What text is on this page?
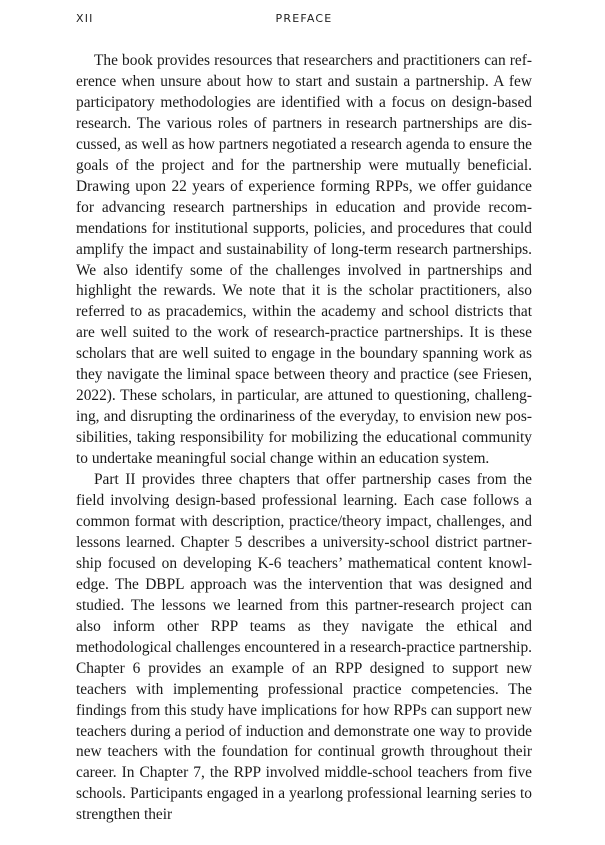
XII	PREFACE

The book provides resources that researchers and practitioners can reference when unsure about how to start and sustain a partnership. A few participatory methodologies are identified with a focus on design-based research. The various roles of partners in research partnerships are discussed, as well as how partners negotiated a research agenda to ensure the goals of the project and for the partnership were mutually beneficial. Drawing upon 22 years of experience forming RPPs, we offer guidance for advancing research partnerships in education and provide recommendations for institutional supports, policies, and procedures that could amplify the impact and sustainability of long-term research partnerships. We also identify some of the challenges involved in partnerships and highlight the rewards. We note that it is the scholar practitioners, also referred to as pracademics, within the academy and school districts that are well suited to the work of research-practice partnerships. It is these scholars that are well suited to engage in the boundary spanning work as they navigate the liminal space between theory and practice (see Friesen, 2022). These scholars, in particular, are attuned to questioning, challenging, and disrupting the ordinariness of the everyday, to envision new possibilities, taking responsibility for mobilizing the educational community to undertake meaningful social change within an education system.

Part II provides three chapters that offer partnership cases from the field involving design-based professional learning. Each case follows a common format with description, practice/theory impact, challenges, and lessons learned. Chapter 5 describes a university-school district partnership focused on developing K-6 teachers’ mathematical content knowledge. The DBPL approach was the intervention that was designed and studied. The lessons we learned from this partner-research project can also inform other RPP teams as they navigate the ethical and methodological challenges encountered in a research-practice partnership. Chapter 6 provides an example of an RPP designed to support new teachers with implementing professional practice competencies. The findings from this study have implications for how RPPs can support new teachers during a period of induction and demonstrate one way to provide new teachers with the foundation for continual growth throughout their career. In Chapter 7, the RPP involved middle-school teachers from five schools. Participants engaged in a yearlong professional learning series to strengthen their
